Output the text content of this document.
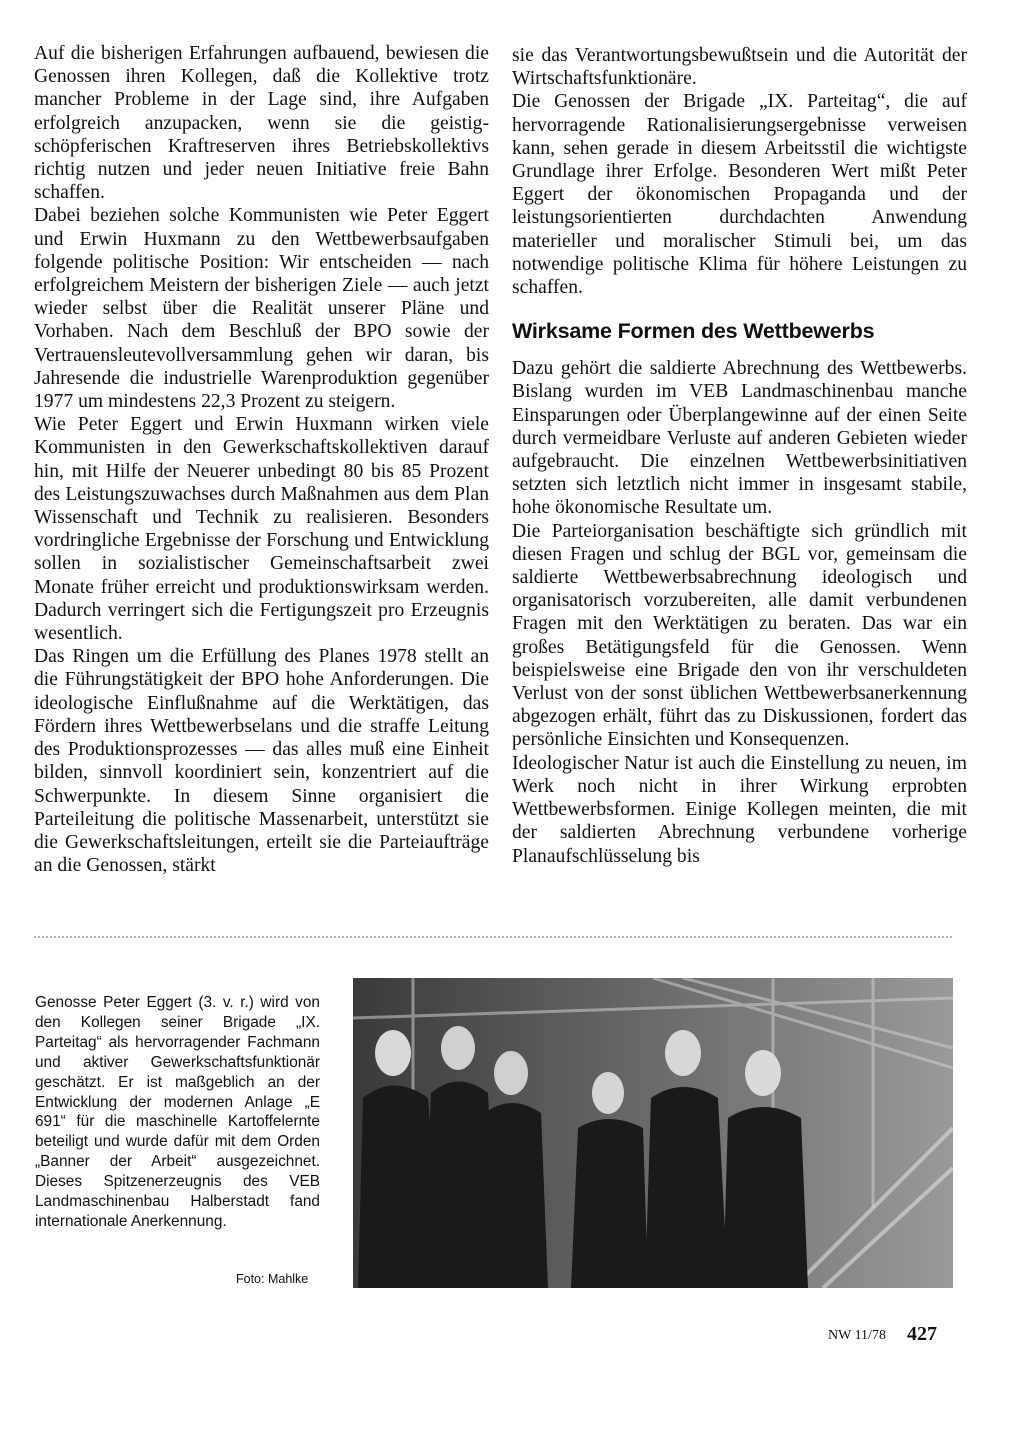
Auf die bisherigen Erfahrungen aufbauend, bewiesen die Genossen ihren Kollegen, daß die Kollektive trotz mancher Probleme in der Lage sind, ihre Aufgaben erfolgreich anzupacken, wenn sie die geistig-schöpferischen Kraftreserven ihres Betriebskollektivs richtig nutzen und jeder neuen Initiative freie Bahn schaffen.

Dabei beziehen solche Kommunisten wie Peter Eggert und Erwin Huxmann zu den Wettbewerbsaufgaben folgende politische Position: Wir entscheiden — nach erfolgreichem Meistern der bisherigen Ziele — auch jetzt wieder selbst über die Realität unserer Pläne und Vorhaben. Nach dem Beschluß der BPO sowie der Vertrauensleutevollversammlung gehen wir daran, bis Jahresende die industrielle Warenproduktion gegenüber 1977 um mindestens 22,3 Prozent zu steigern.

Wie Peter Eggert und Erwin Huxmann wirken viele Kommunisten in den Gewerkschaftskollektiven darauf hin, mit Hilfe der Neuerer unbedingt 80 bis 85 Prozent des Leistungszuwachses durch Maßnahmen aus dem Plan Wissenschaft und Technik zu realisieren. Besonders vordringliche Ergebnisse der Forschung und Entwicklung sollen in sozialistischer Gemeinschaftsarbeit zwei Monate früher erreicht und produktionswirksam werden. Dadurch verringert sich die Fertigungszeit pro Erzeugnis wesentlich.

Das Ringen um die Erfüllung des Planes 1978 stellt an die Führungstätigkeit der BPO hohe Anforderungen. Die ideologische Einflußnahme auf die Werktätigen, das Fördern ihres Wettbewerbselans und die straffe Leitung des Produktionsprozesses — das alles muß eine Einheit bilden, sinnvoll koordiniert sein, konzentriert auf die Schwerpunkte. In diesem Sinne organisiert die Parteileitung die politische Massenarbeit, unterstützt sie die Gewerkschaftsleitungen, erteilt sie die Parteiaufträge an die Genossen, stärkt

sie das Verantwortungsbewußtsein und die Autorität der Wirtschaftsfunktionäre.

Die Genossen der Brigade „IX. Parteitag“, die auf hervorragende Rationalisierungsergebnisse verweisen kann, sehen gerade in diesem Arbeitsstil die wichtigste Grundlage ihrer Erfolge. Besonderen Wert mißt Peter Eggert der ökonomischen Propaganda und der leistungsorientierten durchdachten Anwendung materieller und moralischer Stimuli bei, um das notwendige politische Klima für höhere Leistungen zu schaffen.

Wirksame Formen des Wettbewerbs

Dazu gehört die saldierte Abrechnung des Wettbewerbs. Bislang wurden im VEB Landmaschinenbau manche Einsparungen oder Überplangewinne auf der einen Seite durch vermeidbare Verluste auf anderen Gebieten wieder aufgebraucht. Die einzelnen Wettbewerbsinitiativen setzten sich letztlich nicht immer in insgesamt stabile, hohe ökonomische Resultate um.

Die Parteiorganisation beschäftigte sich gründlich mit diesen Fragen und schlug der BGL vor, gemeinsam die saldierte Wettbewerbsabrechnung ideologisch und organisatorisch vorzubereiten, alle damit verbundenen Fragen mit den Werktätigen zu beraten. Das war ein großes Betätigungsfeld für die Genossen. Wenn beispielsweise eine Brigade den von ihr verschuldeten Verlust von der sonst üblichen Wettbewerbsanerkennung abgezogen erhält, führt das zu Diskussionen, fordert das persönliche Einsichten und Konsequenzen.

Ideologischer Natur ist auch die Einstellung zu neuen, im Werk noch nicht in ihrer Wirkung erprobten Wettbewerbsformen. Einige Kollegen meinten, die mit der saldierten Abrechnung verbundene vorherige Planaufschlüsselung bis

Genosse Peter Eggert (3. v. r.) wird von den Kollegen seiner Brigade „IX. Parteitag“ als hervorragender Fachmann und aktiver Gewerkschaftsfunktionär geschätzt. Er ist maßgeblich an der Entwicklung der modernen Anlage „E 691“ für die maschinelle Kartoffelernte beteiligt und wurde dafür mit dem Orden „Banner der Arbeit“ ausgezeichnet. Dieses Spitzenerzeugnis des VEB Landmaschinenbau Halberstadt fand internationale Anerkennung.
Foto: Mahlke
NW 11/78 427
